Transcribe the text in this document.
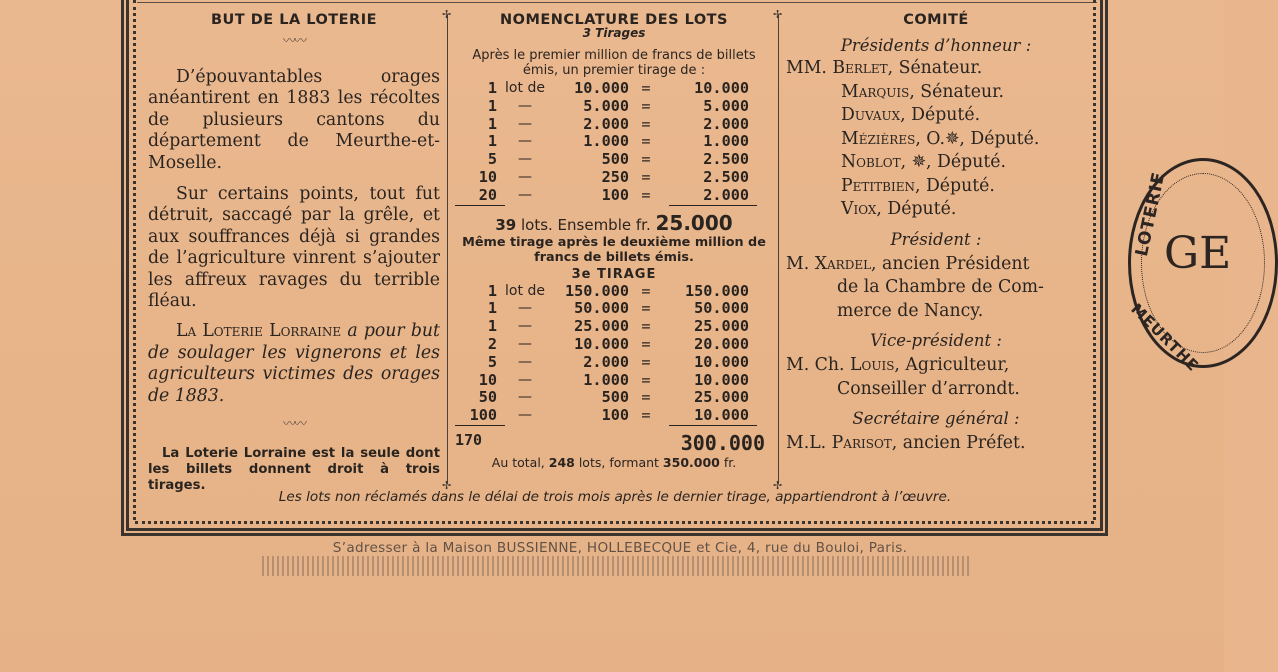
✢ ✢
✢ ✢
BUT DE LA LOTERIE
〰〰

D’épouvantables orages anéantirent en 1883 les récoltes de plusieurs cantons du département de Meurthe-et-Moselle.

Sur certains points, tout fut détruit, saccagé par la grêle, et aux souffrances déjà si grandes de l’agriculture vinrent s’ajouter les affreux ravages du terrible fléau.

La Loterie Lorraine a pour but de soulager les vignerons et les agriculteurs victimes des orages de 1883.

〰〰

La Loterie Lorraine est la seule dont les billets donnent droit à trois tirages.

NOMENCLATURE DES LOTS
3 Tirages
Après le premier million de francs de billets émis, un premier tirage de :
1 lot de	10.000 =	10.000
1	—	5.000 =	5.000
1	—	2.000 =	2.000
1	—	1.000 =	1.000
5	—	500 =	2.500
10	—	250 =	2.500
20	—	100 =	2.000
39 lots. Ensemble fr. 25.000
Même tirage après le deuxième million de francs de billets émis.
3e TIRAGE
1 lot de	150.000 =	150.000
1	—	50.000 =	50.000
1	—	25.000 =	25.000
2	—	10.000 =	20.000
5	—	2.000 =	10.000
10	—	1.000 =	10.000
50	—	500 =	25.000
100	—	100 =	10.000
170	300.000
Au total, 248 lots, formant 350.000 fr.
COMITÉ
Présidents d’honneur :
MM. Berlet, Sénateur.
Marquis, Sénateur.
Duvaux, Député.
Mézières, O.✵, Député.
Noblot, ✵, Député.
Petitbien, Député.
Viox, Député.
Président :
M. Xardel, ancien Président
de la Chambre de Com-
merce de Nancy.
Vice-président :
M. Ch. Louis, Agriculteur,
Conseiller d’arrondt.
Secrétaire général :
M.L. Parisot, ancien Préfet.
Les lots non réclamés dans le délai de trois mois après le dernier tirage, appartiendront à l’œuvre.
S’adresser à la Maison BUSSIENNE, HOLLEBECQUE et Cie, 4, rue du Bouloi, Paris.
LOTERIE
GE
MEURTHE
